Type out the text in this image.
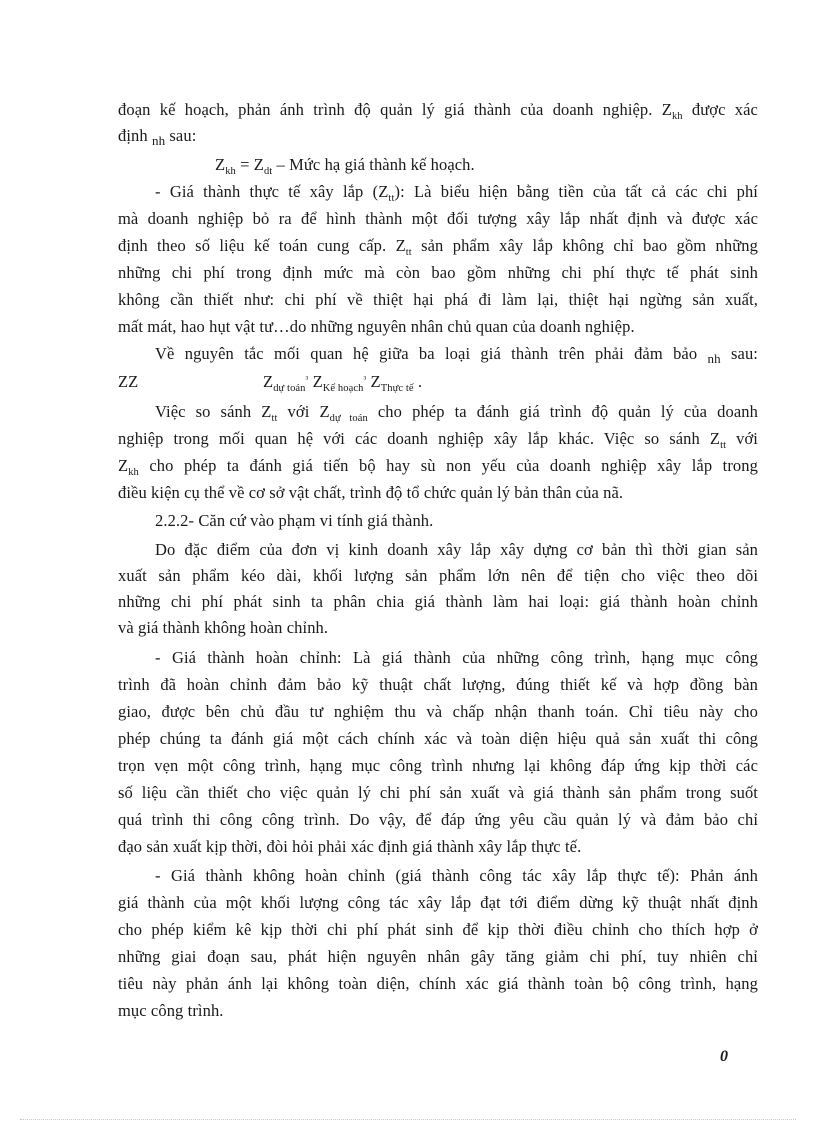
đoạn kế hoạch, phản ánh trình độ quản lý giá thành của doanh nghiệp. $Z_{kh}$ được xác
định $_{nh}$ sau:
$Z_{kh} = Z_{dt}$ – Mức hạ giá thành kế hoạch.
- Giá thành thực tế xây lắp $(Z_{tt})$: Là biểu hiện bằng tiền của tất cả các chi phí
mà doanh nghiệp bỏ ra để hình thành một đối tượng xây lắp nhất định và được xác
định theo số liệu kế toán cung cấp. $Z_{tt}$ sản phẩm xây lắp không chỉ bao gồm những
những chi phí trong định mức mà còn bao gồm những chi phí thực tế phát sinh
không cần thiết như: chi phí về thiệt hại phá đi làm lại, thiệt hại ngừng sản xuất,
mất mát, hao hụt vật tư…do những nguyên nhân chủ quan của doanh nghiệp.
Về nguyên tắc mối quan hệ giữa ba loại giá thành trên phải đảm bảo $_{nh}$ sau:
ZZ	$Z_{dự toán}^{^3}$ $Z_{Kế hoạch}^{^3}$ $Z_{Thực tế}$ .
Việc so sánh $Z_{tt}$ với $Z_{dự toán}$ cho phép ta đánh giá trình độ quản lý của doanh
nghiệp trong mối quan hệ với các doanh nghiệp xây lắp khác. Việc so sánh $Z_{tt}$ với
$Z_{kh}$ cho phép ta đánh giá tiến bộ hay sù non yếu của doanh nghiệp xây lắp trong
điều kiện cụ thể về cơ sở vật chất, trình độ tổ chức quản lý bản thân của nã.
2.2.2- Căn cứ vào phạm vi tính giá thành.
Do đặc điểm của đơn vị kinh doanh xây lắp xây dựng cơ bản thì thời gian sản
xuất sản phẩm kéo dài, khối lượng sản phẩm lớn nên để tiện cho việc theo dõi
những chi phí phát sinh ta phân chia giá thành làm hai loại: giá thành hoàn chỉnh
và giá thành không hoàn chỉnh.
- Giá thành hoàn chỉnh: Là giá thành của những công trình, hạng mục công
trình đã hoàn chỉnh đảm bảo kỹ thuật chất lượng, đúng thiết kế và hợp đồng bàn
giao, được bên chủ đầu tư nghiệm thu và chấp nhận thanh toán. Chỉ tiêu này cho
phép chúng ta đánh giá một cách chính xác và toàn diện hiệu quả sản xuất thi công
trọn vẹn một công trình, hạng mục công trình nhưng lại không đáp ứng kịp thời các
số liệu cần thiết cho việc quản lý chi phí sản xuất và giá thành sản phẩm trong suốt
quá trình thi công công trình. Do vậy, để đáp ứng yêu cầu quản lý và đảm bảo chỉ
đạo sản xuất kịp thời, đòi hỏi phải xác định giá thành xây lắp thực tế.
- Giá thành không hoàn chỉnh (giá thành công tác xây lắp thực tế): Phản ánh
giá thành của một khối lượng công tác xây lắp đạt tới điểm dừng kỹ thuật nhất định
cho phép kiểm kê kịp thời chi phí phát sinh để kịp thời điều chỉnh cho thích hợp ở
những giai đoạn sau, phát hiện nguyên nhân gây tăng giảm chi phí, tuy nhiên chỉ
tiêu này phản ánh lại không toàn diện, chính xác giá thành toàn bộ công trình, hạng
mục công trình.
0
